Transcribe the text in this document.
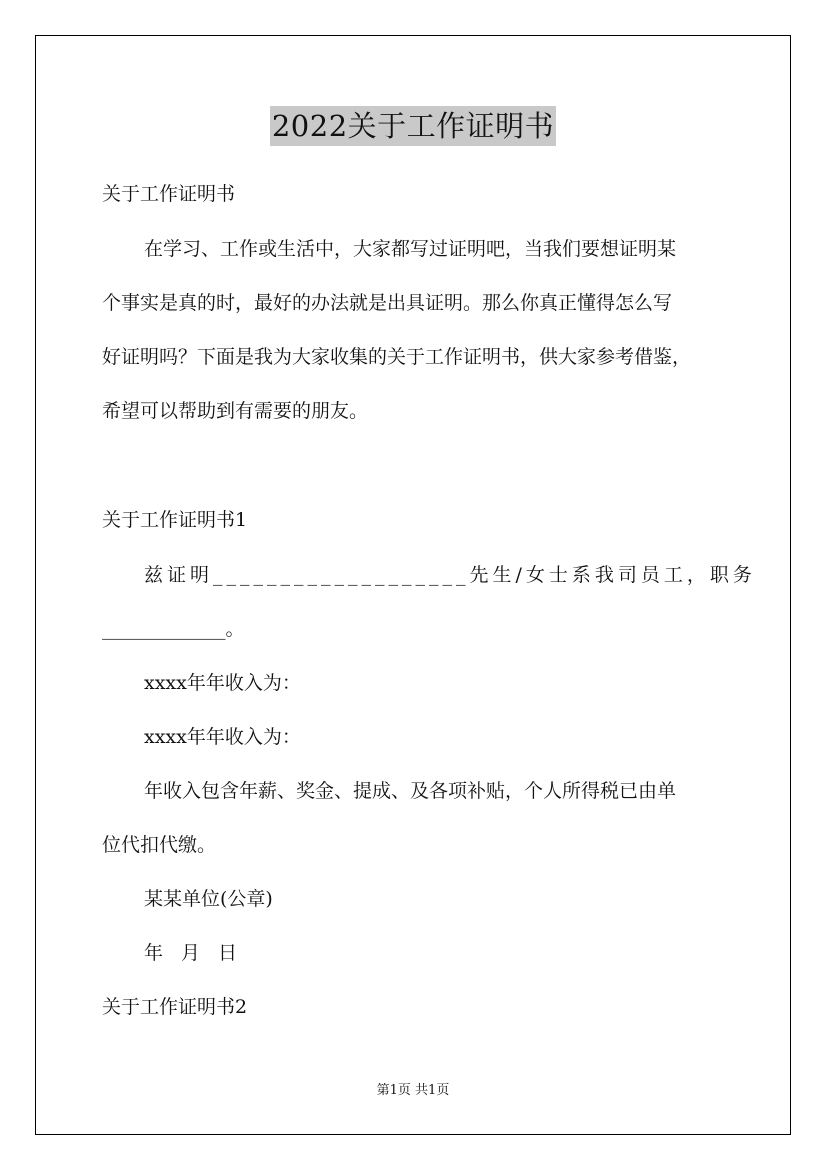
2022关于工作证明书
关于工作证明书
在学习、工作或生活中，大家都写过证明吧，当我们要想证明某
个事实是真的时，最好的办法就是出具证明。那么你真正懂得怎么写
好证明吗？下面是我为大家收集的关于工作证明书，供大家参考借鉴，
希望可以帮助到有需要的朋友。
关于工作证明书1
兹证明___________________先生/女士系我司员工，职务
_____________。
xxxx年年收入为：
xxxx年年收入为：
年收入包含年薪、奖金、提成、及各项补贴，个人所得税已由单
位代扣代缴。
某某单位(公章)
年 月 日
关于工作证明书2
第1页 共1页
